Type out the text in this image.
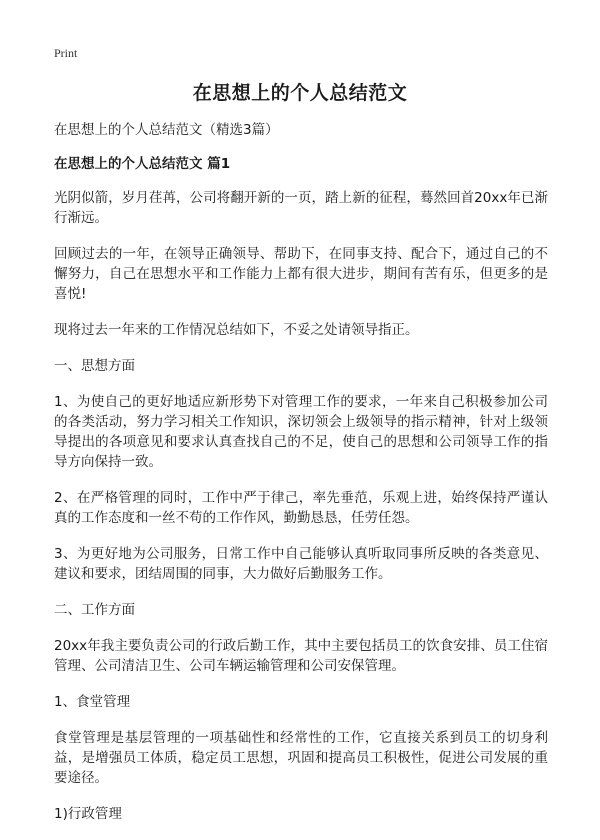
Print
在思想上的个人总结范文
在思想上的个人总结范文（精选3篇）
在思想上的个人总结范文 篇1
光阴似箭，岁月荏苒，公司将翻开新的一页，踏上新的征程，蓦然回首20xx年已渐行渐远。
回顾过去的一年，在领导正确领导、帮助下，在同事支持、配合下，通过自己的不懈努力，自己在思想水平和工作能力上都有很大进步，期间有苦有乐，但更多的是喜悦!
现将过去一年来的工作情况总结如下，不妥之处请领导指正。
一、思想方面
1、为使自己的更好地适应新形势下对管理工作的要求，一年来自己积极参加公司的各类活动，努力学习相关工作知识，深切领会上级领导的指示精神，针对上级领导提出的各项意见和要求认真查找自己的不足，使自己的思想和公司领导工作的指导方向保持一致。
2、在严格管理的同时，工作中严于律己，率先垂范，乐观上进，始终保持严谨认真的工作态度和一丝不苟的工作作风，勤勤恳恳，任劳任怨。
3、为更好地为公司服务，日常工作中自己能够认真听取同事所反映的各类意见、建议和要求，团结周围的同事，大力做好后勤服务工作。
二、工作方面
20xx年我主要负责公司的行政后勤工作，其中主要包括员工的饮食安排、员工住宿管理、公司清洁卫生、公司车辆运输管理和公司安保管理。
1、食堂管理
食堂管理是基层管理的一项基础性和经常性的工作，它直接关系到员工的切身利益，是增强员工体质，稳定员工思想，巩固和提高员工积极性，促进公司发展的重要途径。
1)行政管理
